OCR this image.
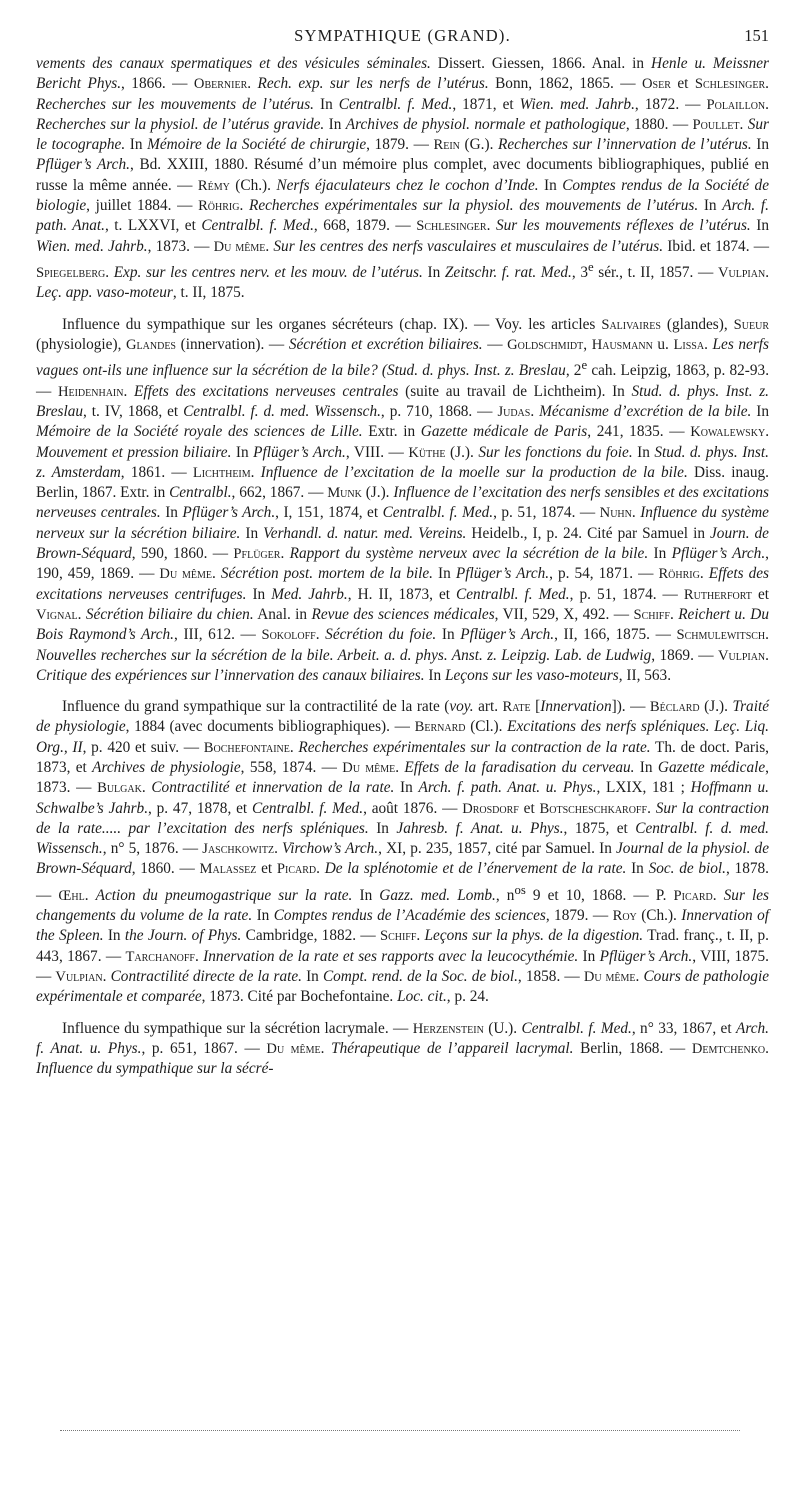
SYMPATHIQUE (GRAND).	151

vements des canaux spermatiques et des vésicules séminales. Dissert. Giessen, 1866. Anal. in Henle u. Meissner Bericht Phys., 1866. — Obernier. Rech. exp. sur les nerfs de l’utérus. Bonn, 1862, 1865. — Oser et Schlesinger. Recherches sur les mouvements de l’utérus. In Centralbl. f. Med., 1871, et Wien. med. Jahrb., 1872. — Polaillon. Recherches sur la physiol. de l’utérus gravide. In Archives de physiol. normale et pathologique, 1880. — Poullet. Sur le tocographe. In Mémoire de la Société de chirurgie, 1879. — Rein (G.). Recherches sur l’innervation de l’utérus. In Pflüger’s Arch., Bd. XXIII, 1880. Résumé d’un mémoire plus complet, avec documents bibliographiques, publié en russe la même année. — Rémy (Ch.). Nerfs éjaculateurs chez le cochon d’Inde. In Comptes rendus de la Société de biologie, juillet 1884. — Röhrig. Recherches expérimentales sur la physiol. des mouvements de l’utérus. In Arch. f. path. Anat., t. LXXVI, et Centralbl. f. Med., 668, 1879. — Schlesinger. Sur les mouvements réflexes de l’utérus. In Wien. med. Jahrb., 1873. — Du même. Sur les centres des nerfs vasculaires et musculaires de l’utérus. Ibid. et 1874. — Spiegelberg. Exp. sur les centres nerv. et les mouv. de l’utérus. In Zeitschr. f. rat. Med., 3e sér., t. II, 1857. — Vulpian. Leç. app. vaso-moteur, t. II, 1875.

Influence du sympathique sur les organes sécréteurs (chap. IX). — Voy. les articles Salivaires (glandes), Sueur (physiologie), Glandes (innervation). — Sécrétion et excrétion biliaires. — Goldschmidt, Hausmann u. Lissa. Les nerfs vagues ont-ils une influence sur la sécrétion de la bile? (Stud. d. phys. Inst. z. Breslau, 2e cah. Leipzig, 1863, p. 82-93. — Heidenhain. Effets des excitations nerveuses centrales (suite au travail de Lichtheim). In Stud. d. phys. Inst. z. Breslau, t. IV, 1868, et Centralbl. f. d. med. Wissensch., p. 710, 1868. — Judas. Mécanisme d’excrétion de la bile. In Mémoire de la Société royale des sciences de Lille. Extr. in Gazette médicale de Paris, 241, 1835. — Kowalewsky. Mouvement et pression biliaire. In Pflüger’s Arch., VIII. — Küthe (J.). Sur les fonctions du foie. In Stud. d. phys. Inst. z. Amsterdam, 1861. — Lichtheim. Influence de l’excitation de la moelle sur la production de la bile. Diss. inaug. Berlin, 1867. Extr. in Centralbl., 662, 1867. — Munk (J.). Influence de l’excitation des nerfs sensibles et des excitations nerveuses centrales. In Pflüger’s Arch., I, 151, 1874, et Centralbl. f. Med., p. 51, 1874. — Nuhn. Influence du système nerveux sur la sécrétion biliaire. In Verhandl. d. natur. med. Vereins. Heidelb., I, p. 24. Cité par Samuel in Journ. de Brown-Séquard, 590, 1860. — Pflüger. Rapport du système nerveux avec la sécrétion de la bile. In Pflüger’s Arch., 190, 459, 1869. — Du même. Sécrétion post. mortem de la bile. In Pflüger’s Arch., p. 54, 1871. — Röhrig. Effets des excitations nerveuses centrifuges. In Med. Jahrb., H. II, 1873, et Centralbl. f. Med., p. 51, 1874. — Rutherfort et Vignal. Sécrétion biliaire du chien. Anal. in Revue des sciences médicales, VII, 529, X, 492. — Schiff. Reichert u. Du Bois Raymond’s Arch., III, 612. — Sokoloff. Sécrétion du foie. In Pflüger’s Arch., II, 166, 1875. — Schmulewitsch. Nouvelles recherches sur la sécrétion de la bile. Arbeit. a. d. phys. Anst. z. Leipzig. Lab. de Ludwig, 1869. — Vulpian. Critique des expériences sur l’innervation des canaux biliaires. In Leçons sur les vaso-moteurs, II, 563.

Influence du grand sympathique sur la contractilité de la rate (voy. art. Rate [Innervation]). — Béclard (J.). Traité de physiologie, 1884 (avec documents bibliographiques). — Bernard (Cl.). Excitations des nerfs spléniques. Leç. Liq. Org., II, p. 420 et suiv. — Bochefontaine. Recherches expérimentales sur la contraction de la rate. Th. de doct. Paris, 1873, et Archives de physiologie, 558, 1874. — Du même. Effets de la faradisation du cerveau. In Gazette médicale, 1873. — Bulgak. Contractilité et innervation de la rate. In Arch. f. path. Anat. u. Phys., LXIX, 181 ; Hoffmann u. Schwalbe’s Jahrb., p. 47, 1878, et Centralbl. f. Med., août 1876. — Drosdorf et Botscheschkaroff. Sur la contraction de la rate..... par l’excitation des nerfs spléniques. In Jahresb. f. Anat. u. Phys., 1875, et Centralbl. f. d. med. Wissensch., n° 5, 1876. — Jaschkowitz. Virchow’s Arch., XI, p. 235, 1857, cité par Samuel. In Journal de la physiol. de Brown-Séquard, 1860. — Malassez et Picard. De la splénotomie et de l’énervement de la rate. In Soc. de biol., 1878. — Œhl. Action du pneumogastrique sur la rate. In Gazz. med. Lomb., $n^{os}$ 9 et 10, 1868. — P. Picard. Sur les changements du volume de la rate. In Comptes rendus de l’Académie des sciences, 1879. — Roy (Ch.). Innervation of the Spleen. In the Journ. of Phys. Cambridge, 1882. — Schiff. Leçons sur la phys. de la digestion. Trad. franç., t. II, p. 443, 1867. — Tarchanoff. Innervation de la rate et ses rapports avec la leucocythémie. In Pflüger’s Arch., VIII, 1875. — Vulpian. Contractilité directe de la rate. In Compt. rend. de la Soc. de biol., 1858. — Du même. Cours de pathologie expérimentale et comparée, 1873. Cité par Bochefontaine. Loc. cit., p. 24.

Influence du sympathique sur la sécrétion lacrymale. — Herzenstein (U.). Centralbl. f. Med., n° 33, 1867, et Arch. f. Anat. u. Phys., p. 651, 1867. — Du même. Thérapeutique de l’appareil lacrymal. Berlin, 1868. — Demtchenko. Influence du sympathique sur la sécré-
